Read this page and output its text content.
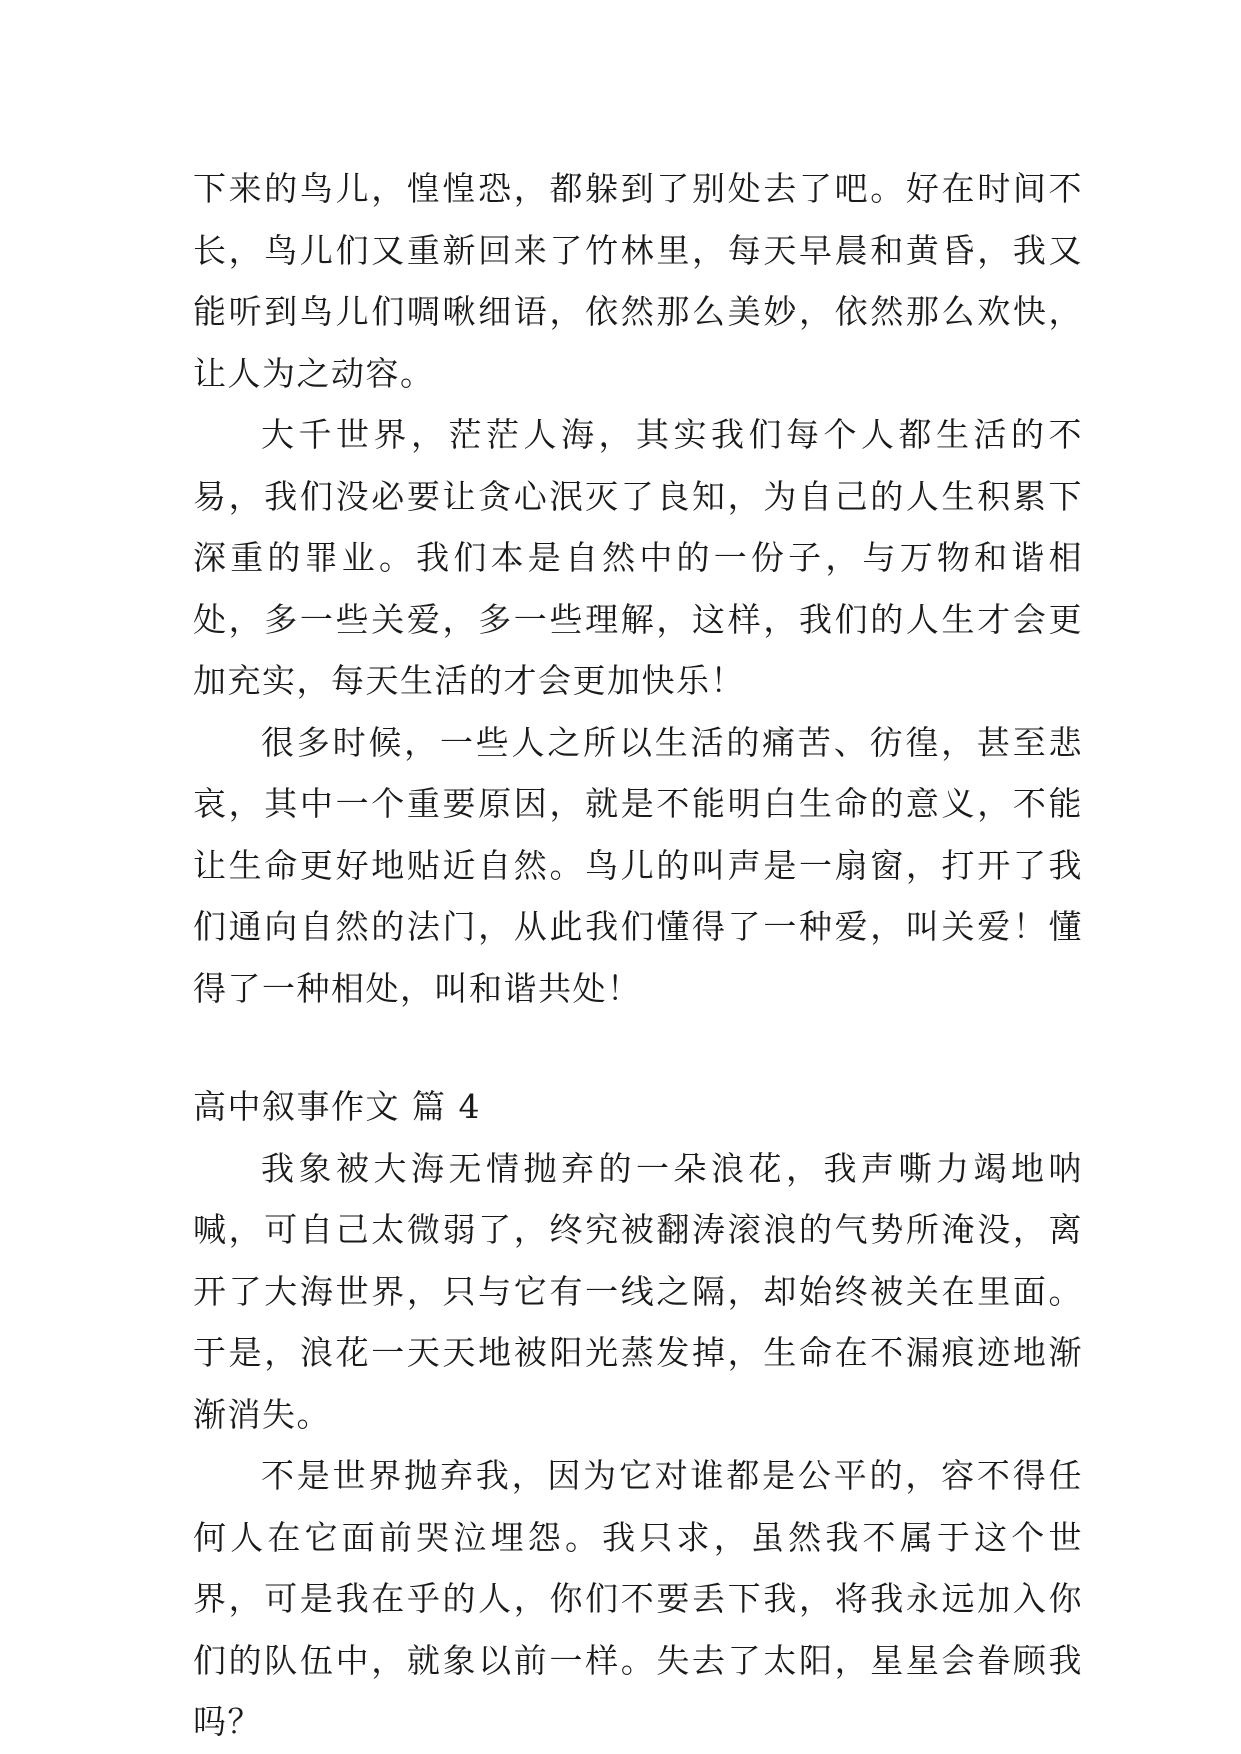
下来的鸟儿，惶惶恐，都躲到了别处去了吧。好在时间不长，鸟儿们又重新回来了竹林里，每天早晨和黄昏，我又能听到鸟儿们啁啾细语，依然那么美妙，依然那么欢快，让人为之动容。

大千世界，茫茫人海，其实我们每个人都生活的不易，我们没必要让贪心泯灭了良知，为自己的人生积累下深重的罪业。我们本是自然中的一份子，与万物和谐相处，多一些关爱，多一些理解，这样，我们的人生才会更加充实，每天生活的才会更加快乐！

很多时候，一些人之所以生活的痛苦、彷徨，甚至悲哀，其中一个重要原因，就是不能明白生命的意义，不能让生命更好地贴近自然。鸟儿的叫声是一扇窗，打开了我们通向自然的法门，从此我们懂得了一种爱，叫关爱！懂得了一种相处，叫和谐共处！

高中叙事作文 篇 4

我象被大海无情抛弃的一朵浪花，我声嘶力竭地呐喊，可自己太微弱了，终究被翻涛滚浪的气势所淹没，离开了大海世界，只与它有一线之隔，却始终被关在里面。于是，浪花一天天地被阳光蒸发掉，生命在不漏痕迹地渐渐消失。

不是世界抛弃我，因为它对谁都是公平的，容不得任何人在它面前哭泣埋怨。我只求，虽然我不属于这个世界，可是我在乎的人，你们不要丢下我，将我永远加入你们的队伍中，就象以前一样。失去了太阳，星星会眷顾我吗？
